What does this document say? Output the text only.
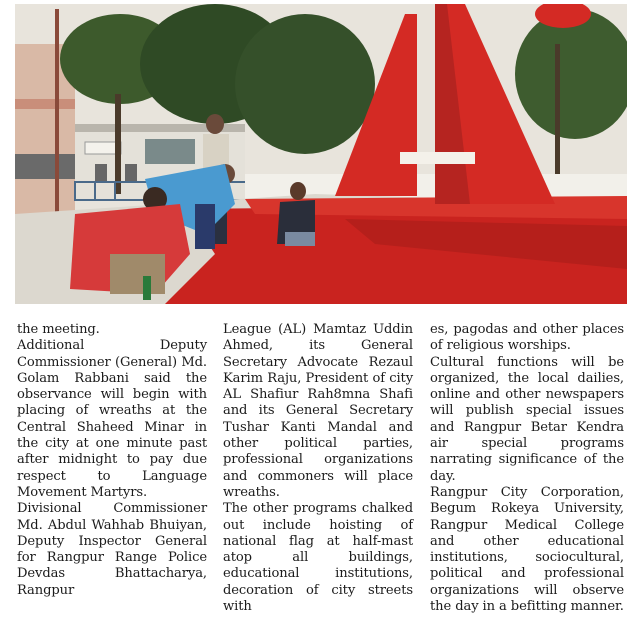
the meeting.

Additional Deputy Commissioner (General) Md. Golam Rabbani said the observance will begin with placing of wreaths at the Central Shaheed Minar in the city at one minute past after midnight to pay due respect to Language Movement Martyrs.

Divisional Commissioner Md. Abdul Wahhab Bhuiyan, Deputy Inspector General for Rangpur Range Police Devdas Bhattacharya, Rangpur

League (AL) Mamtaz Uddin Ahmed, its General Secretary Advocate Rezaul Karim Raju, President of city AL Shafiur Rah8mna Shafi and its General Secretary Tushar Kanti Mandal and other political parties, professional organizations and commoners will place wreaths.

The other programs chalked out include hoisting of national flag at half-mast atop all buildings, educational institutions, decoration of city streets with

es, pagodas and other places of religious worships.

Cultural functions will be organized, the local dailies, online and other newspapers will publish special issues and Rangpur Betar Kendra air special programs narrating significance of the day.

Rangpur City Corporation, Begum Rokeya University, Rangpur Medical College and other educational institutions, sociocultural, political and professional organizations will observe the day in a befitting manner.
